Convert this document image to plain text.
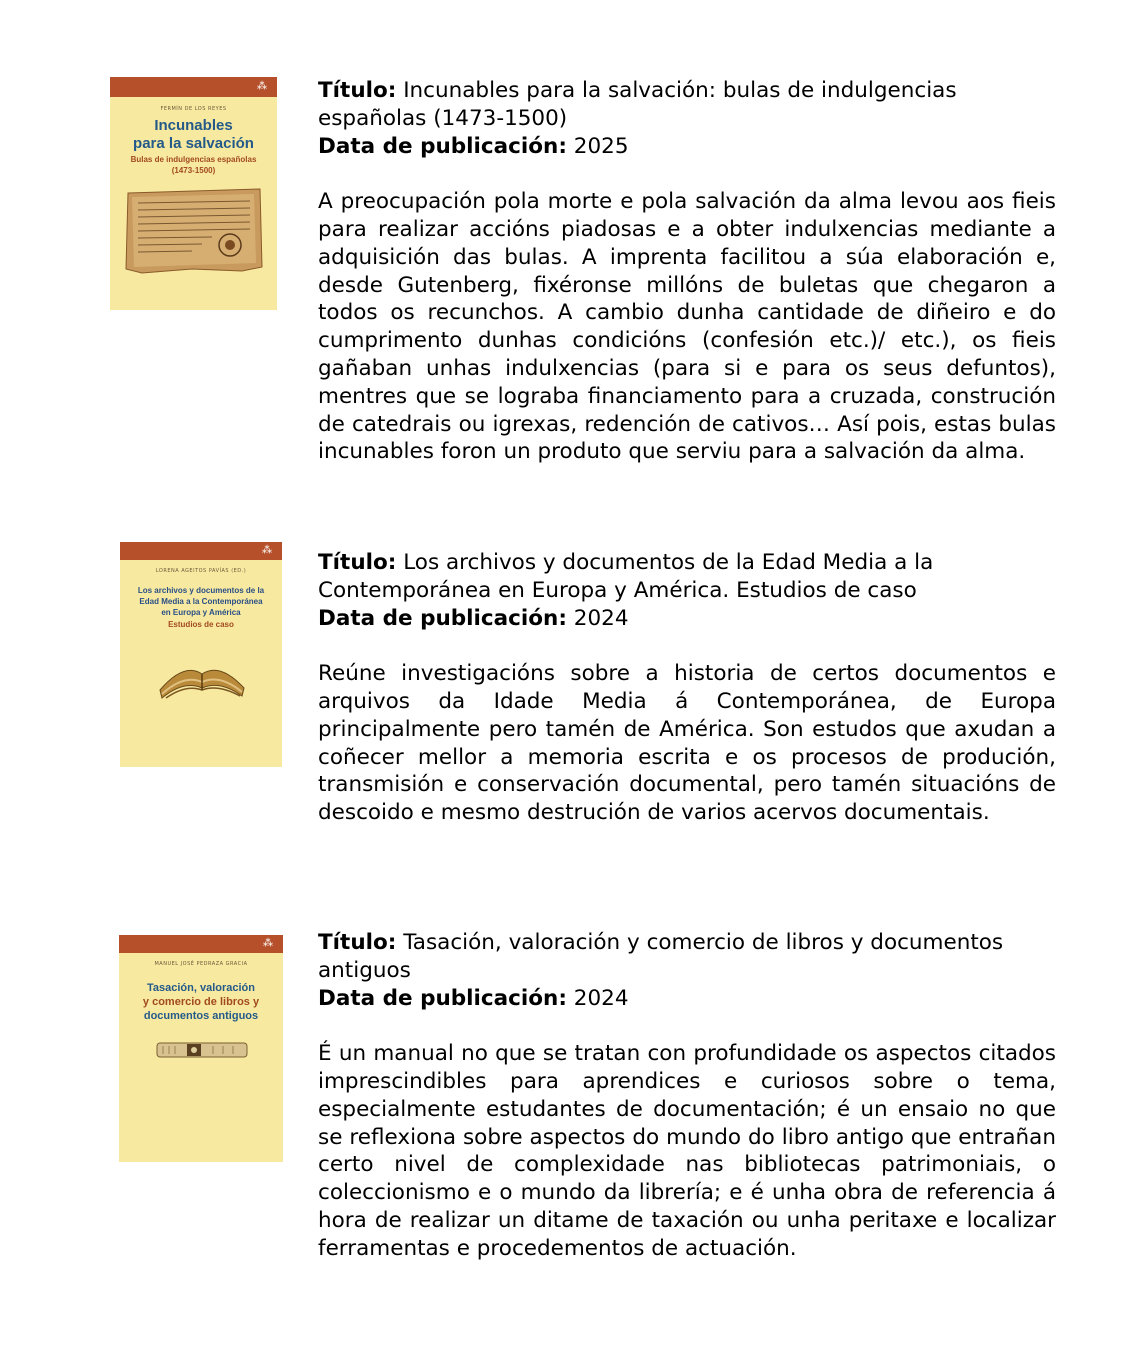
⁂
FERMÍN DE LOS REYES
Incunables
para la salvación
Bulas de indulgencias españolas
(1473-1500)
Título: Incunables para la salvación: bulas de indulgencias
españolas (1473-1500)
Data de publicación: 2025
A preocupación pola morte e pola salvación da alma levou aos fieis para realizar accións piadosas e a obter indulxencias mediante a adquisición das bulas. A imprenta facilitou a súa elaboración e, desde Gutenberg, fixéronse millóns de buletas que chegaron a todos os recunchos. A cambio dunha cantidade de diñeiro e do cumprimento dunhas condicións (confesión etc.)/ etc.), os fieis gañaban unhas indulxencias (para si e para os seus defuntos), mentres que se lograba financiamento para a cruzada, construción de catedrais ou igrexas, redención de cativos… Así pois, estas bulas incunables foron un produto que serviu para a salvación da alma.
⁂
LORENA AGEITOS PAVÍAS (ED.)
Los archivos y documentos de la
Edad Media a la Contemporánea
en Europa y América
Estudios de caso
Título: Los archivos y documentos de la Edad Media a la
Contemporánea en Europa y América. Estudios de caso
Data de publicación: 2024
Reúne investigacións sobre a historia de certos documentos e arquivos da Idade Media á Contemporánea, de Europa principalmente pero tamén de América. Son estudos que axudan a coñecer mellor a memoria escrita e os procesos de produción, transmisión e conservación documental, pero tamén situacións de descoido e mesmo destrución de varios acervos documentais.
⁂
MANUEL JOSÉ PEDRAZA GRACIA
Tasación, valoración
y comercio de libros y
documentos antiguos
Título: Tasación, valoración y comercio de libros y documentos
antiguos
Data de publicación: 2024
É un manual no que se tratan con profundidade os aspectos citados imprescindibles para aprendices e curiosos sobre o tema, especialmente estudantes de documentación; é un ensaio no que se reflexiona sobre aspectos do mundo do libro antigo que entrañan certo nivel de complexidade nas bibliotecas patrimoniais, o coleccionismo e o mundo da librería; e é unha obra de referencia á hora de realizar un ditame de taxación ou unha peritaxe e localizar ferramentas e procedementos de actuación.
